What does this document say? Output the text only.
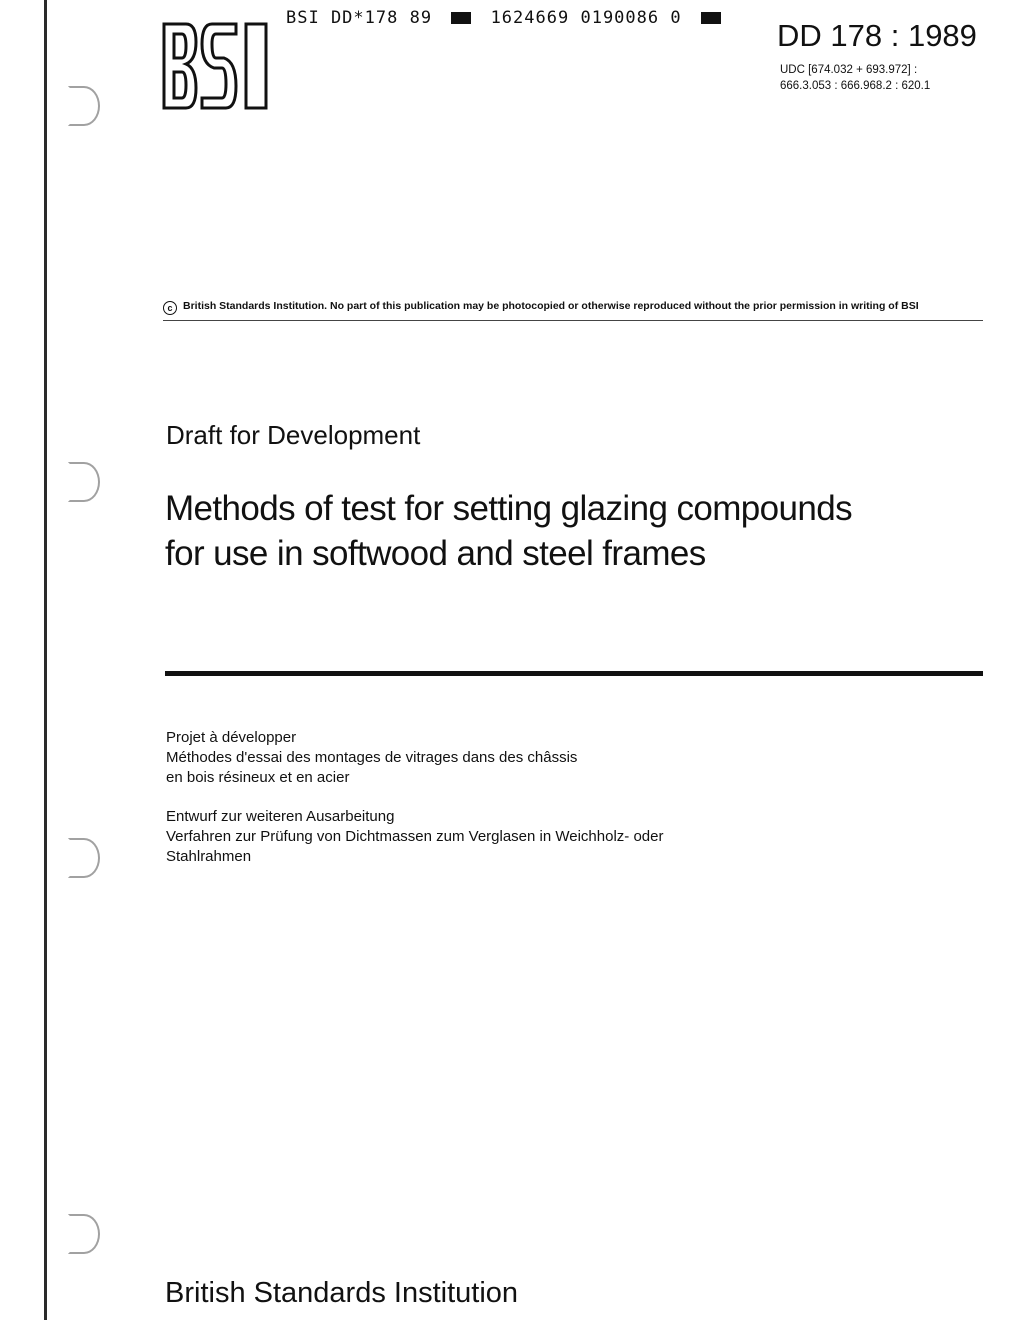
BSI DD*178 89	1624669 0190086 0	DD 178 : 1989
UDC [674.032 + 693.972] :
666.3.053 : 666.968.2 : 620.1
c British Standards Institution. No part of this publication may be photocopied or otherwise reproduced without the prior permission in writing of BSI
Draft for Development
Methods of test for setting glazing compounds
for use in softwood and steel frames
Projet à développer
Méthodes d'essai des montages de vitrages dans des châssis
en bois résineux et en acier
Entwurf zur weiteren Ausarbeitung
Verfahren zur Prüfung von Dichtmassen zum Verglasen in Weichholz- oder
Stahlrahmen
British Standards Institution
